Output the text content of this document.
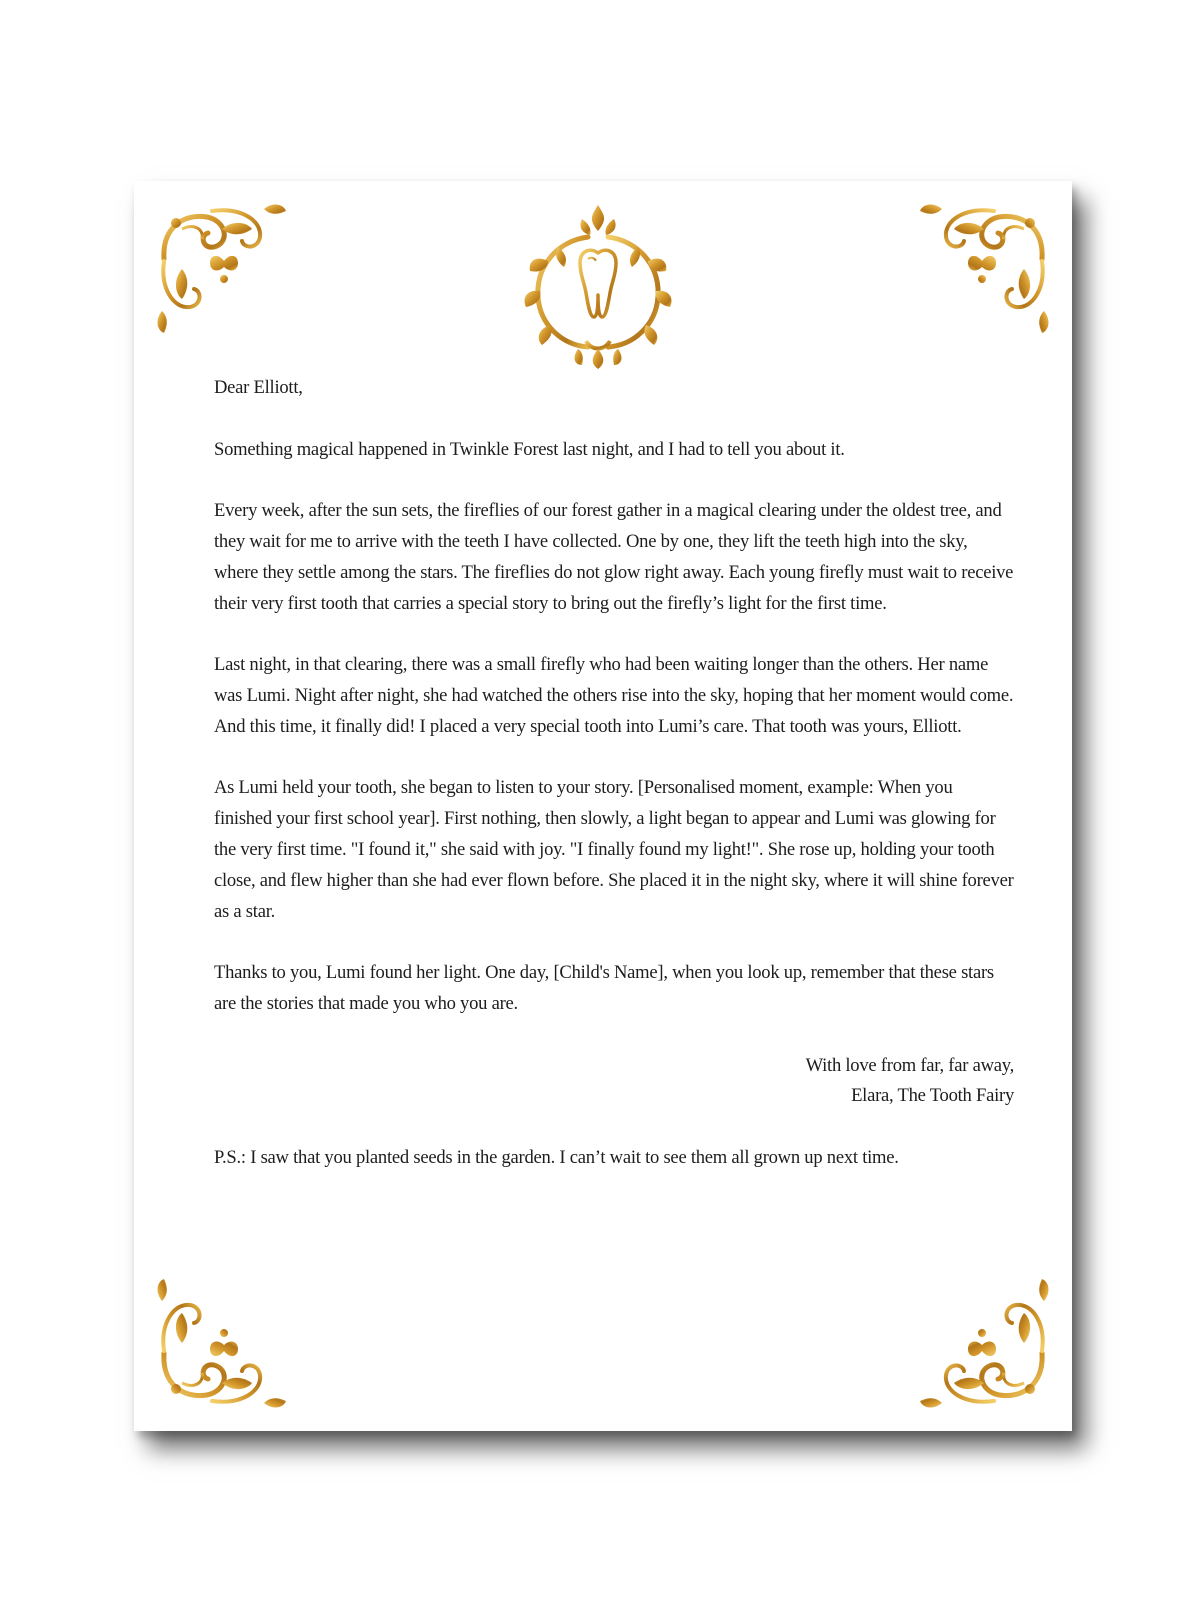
Dear Elliott,

Something magical happened in Twinkle Forest last night, and I had to tell you about it.

Every week, after the sun sets, the fireflies of our forest gather in a magical clearing under the oldest tree, and they wait for me to arrive with the teeth I have collected. One by one, they lift the teeth high into the sky, where they settle among the stars. The fireflies do not glow right away. Each young firefly must wait to receive their very first tooth that carries a special story to bring out the firefly’s light for the first time.

Last night, in that clearing, there was a small firefly who had been waiting longer than the others. Her name was Lumi. Night after night, she had watched the others rise into the sky, hoping that her moment would come. And this time, it finally did! I placed a very special tooth into Lumi’s care. That tooth was yours, Elliott.

As Lumi held your tooth, she began to listen to your story. [Personalised moment, example: When you finished your first school year]. First nothing, then slowly, a light began to appear and Lumi was glowing for the very first time. "I found it," she said with joy. "I finally found my light!". She rose up, holding your tooth close, and flew higher than she had ever flown before. She placed it in the night sky, where it will shine forever as a star.

Thanks to you, Lumi found her light. One day, [Child's Name], when you look up, remember that these stars are the stories that made you who you are.

With love from far, far away,
Elara, The Tooth Fairy

P.S.: I saw that you planted seeds in the garden. I can’t wait to see them all grown up next time.
